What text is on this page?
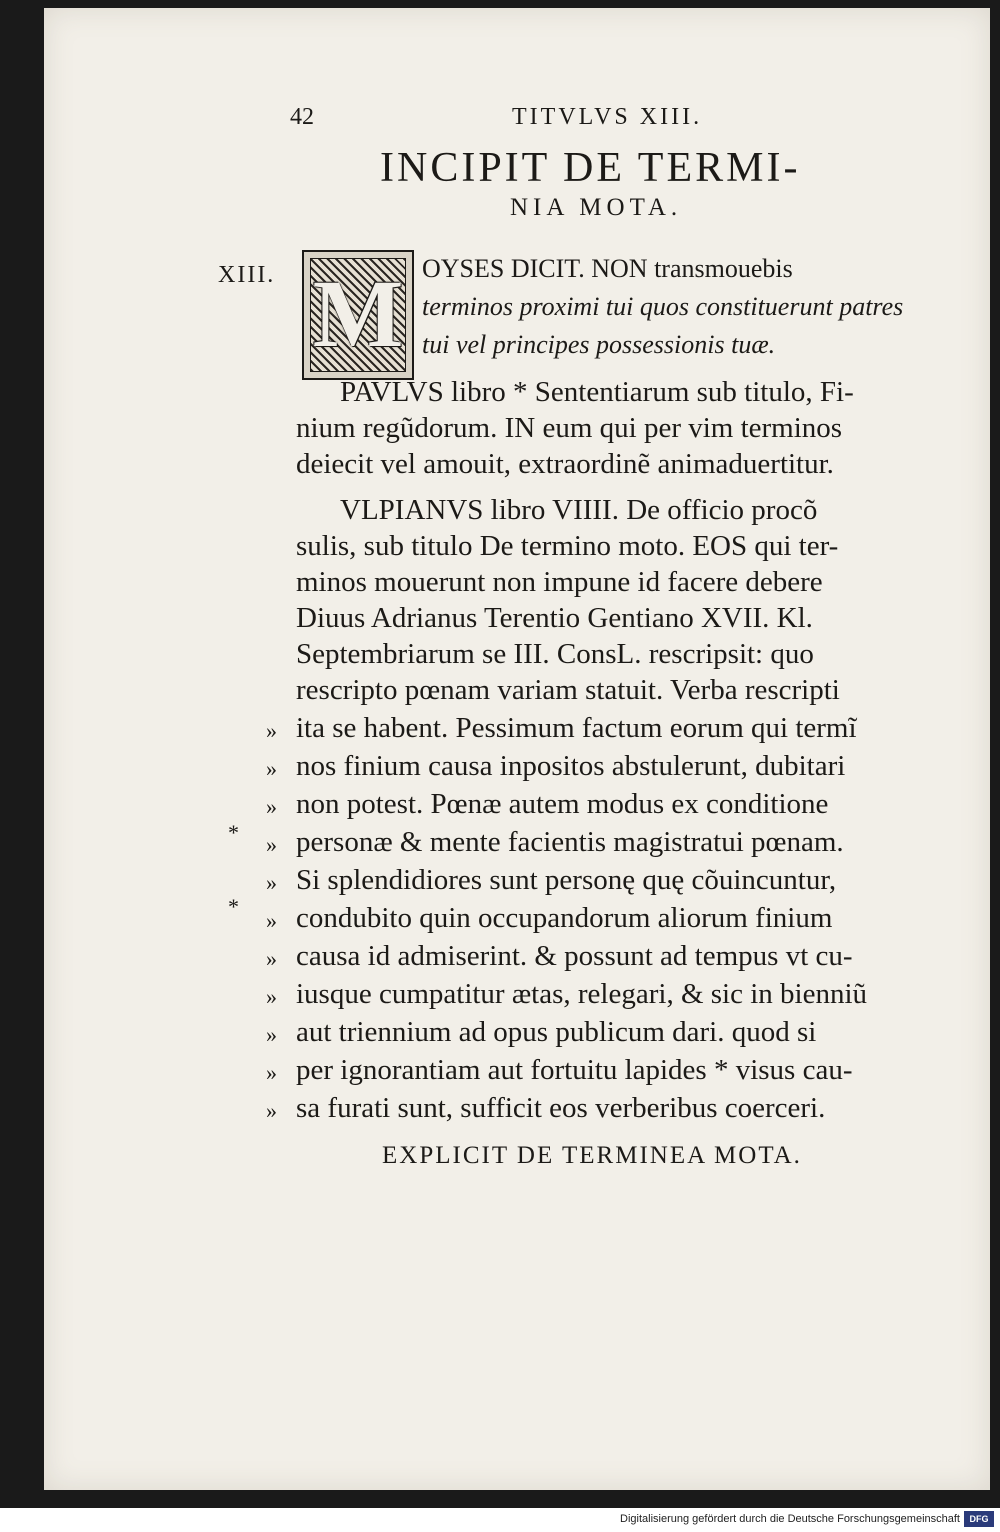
42	TITVLVS XIII.
INCIPIT DE TERMI-
NIA MOTA.
XIII. M OYSES DICIT. NON transmouebis
terminos proximi tui quos constituerunt patres
tui vel principes possessionis tuæ.
PAVLVS libro * Sententiarum sub titulo, Fi-
nium regũdorum. IN eum qui per vim terminos
deiecit vel amouit, extraordinẽ animaduertitur.
VLPIANVS libro VIIII. De officio procõ
sulis, sub titulo De termino moto. EOS qui ter-
minos mouerunt non impune id facere debere
Diuus Adrianus Terentio Gentiano XVII. Kl.
Septembriarum se III. ConsL. rescripsit: quo
rescripto pœnam variam statuit. Verba rescripti
» ita se habent. Pessimum factum eorum qui termĩ
» nos finium causa inpositos abstulerunt, dubitari
» non potest. Pœnæ autem modus ex conditione
* » personæ & mente facientis magistratui pœnam.
» Si splendidiores sunt personę quę cõuincuntur,
*
» condubito quin occupandorum aliorum finium
» causa id admiserint. & possunt ad tempus vt cu-
» iusque cumpatitur ætas, relegari, & sic in bienniũ
» aut triennium ad opus publicum dari. quod si
» per ignorantiam aut fortuitu lapides * visus cau-
» sa furati sunt, sufficit eos verberibus coerceri.
EXPLICIT DE TERMINEA MOTA.
Digitalisierung gefördert durch die Deutsche Forschungsgemeinschaft	DFG
